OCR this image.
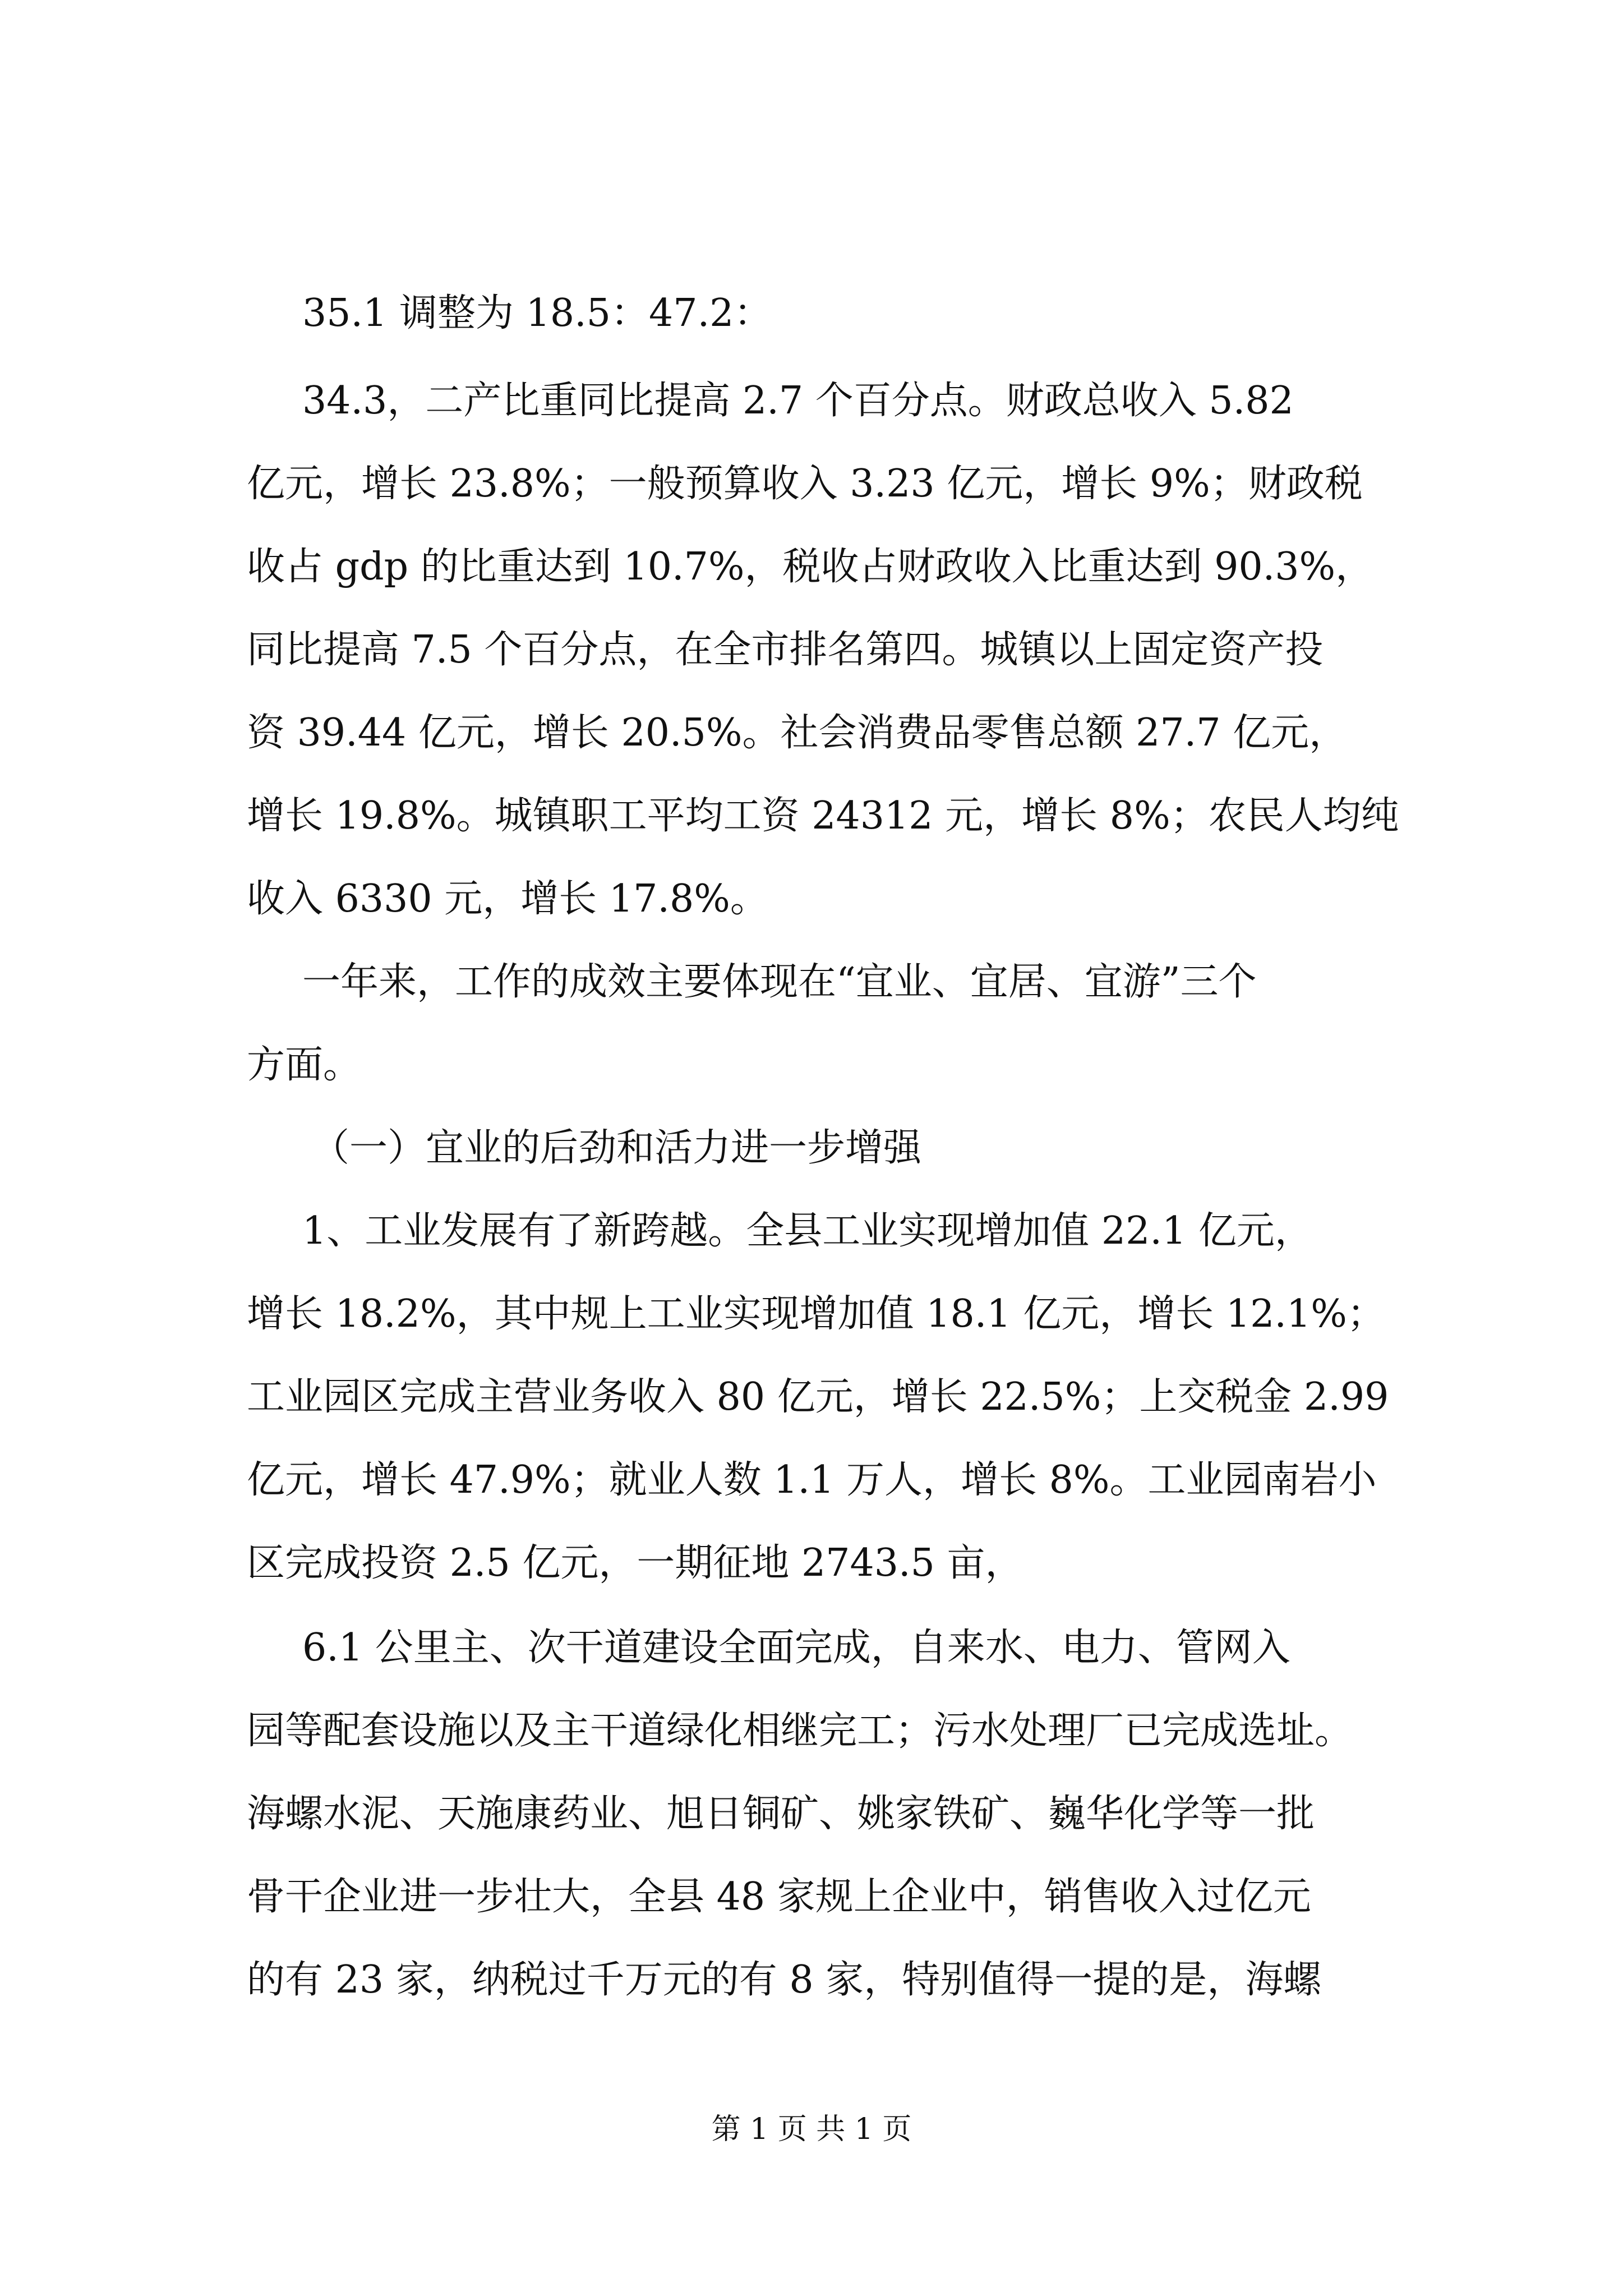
35.1 调整为 18.5：47.2：
34.3，二产比重同比提高 2.7 个百分点。财政总收入 5.82
亿元，增长 23.8%；一般预算收入 3.23 亿元，增长 9%；财政税
收占 gdp 的比重达到 10.7%，税收占财政收入比重达到 90.3%，
同比提高 7.5 个百分点，在全市排名第四。城镇以上固定资产投
资 39.44 亿元，增长 20.5%。社会消费品零售总额 27.7 亿元，
增长 19.8%。城镇职工平均工资 24312 元，增长 8%；农民人均纯
收入 6330 元，增长 17.8%。
一年来，工作的成效主要体现在“宜业、宜居、宜游”三个
方面。
（一）宜业的后劲和活力进一步增强
1、工业发展有了新跨越。全县工业实现增加值 22.1 亿元，
增长 18.2%，其中规上工业实现增加值 18.1 亿元，增长 12.1%；
工业园区完成主营业务收入 80 亿元，增长 22.5%；上交税金 2.99
亿元，增长 47.9%；就业人数 1.1 万人，增长 8%。工业园南岩小
区完成投资 2.5 亿元，一期征地 2743.5 亩，
6.1 公里主、次干道建设全面完成，自来水、电力、管网入
园等配套设施以及主干道绿化相继完工；污水处理厂已完成选址。
海螺水泥、天施康药业、旭日铜矿、姚家铁矿、巍华化学等一批
骨干企业进一步壮大，全县 48 家规上企业中，销售收入过亿元
的有 23 家，纳税过千万元的有 8 家，特别值得一提的是，海螺
第 1 页 共 1 页
